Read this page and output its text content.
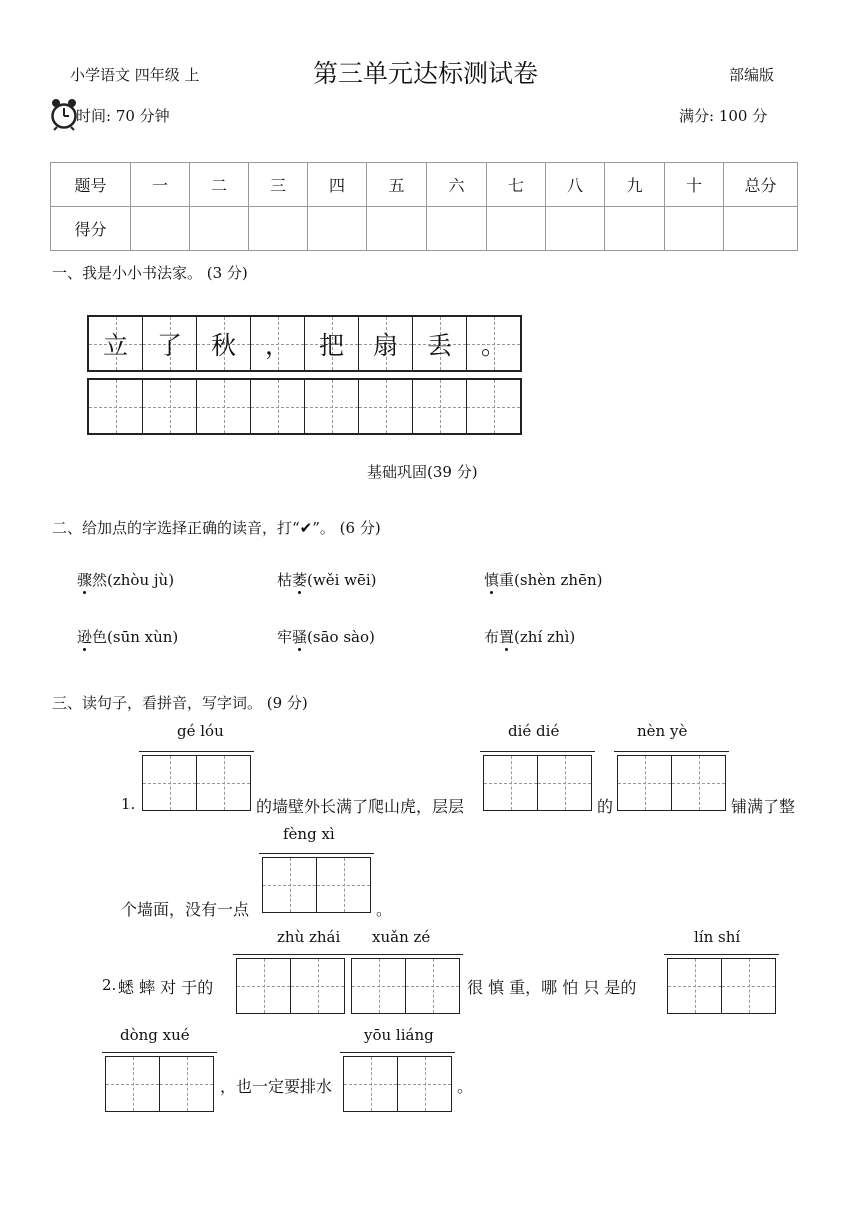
小学语文 四年级 上	第三单元达标测试卷	部编版
时间: 70 分钟	满分: 100 分
题号	一	二	三	四	五	六	七	八	九	十	总分
得分											
一、我是小小书法家。 (3 分)
立 了 秋 ， 把 扇 丢 。
基础巩固(39 分)
二、给加点的字选择正确的读音，打“✔”。 (6 分)
骤然(zhòu jù)	枯萎(wěi wēi)	慎重(shèn zhēn)
逊色(sūn xùn)	牢骚(sāo sào)	布置(zhí zhì)
三、读句子，看拼音，写字词。 (9 分)
gé lóu	dié dié	nèn yè
1.	的墙壁外长满了爬山虎，层层	的	铺满了整
fèng xì
个墙面，没有一点	。
zhù zhái xuǎn zé	lín shí
2. 蟋 蟀 对 于的	很 慎 重，哪 怕 只 是的
dòng xué	yōu liáng
，也一定要排水	。
